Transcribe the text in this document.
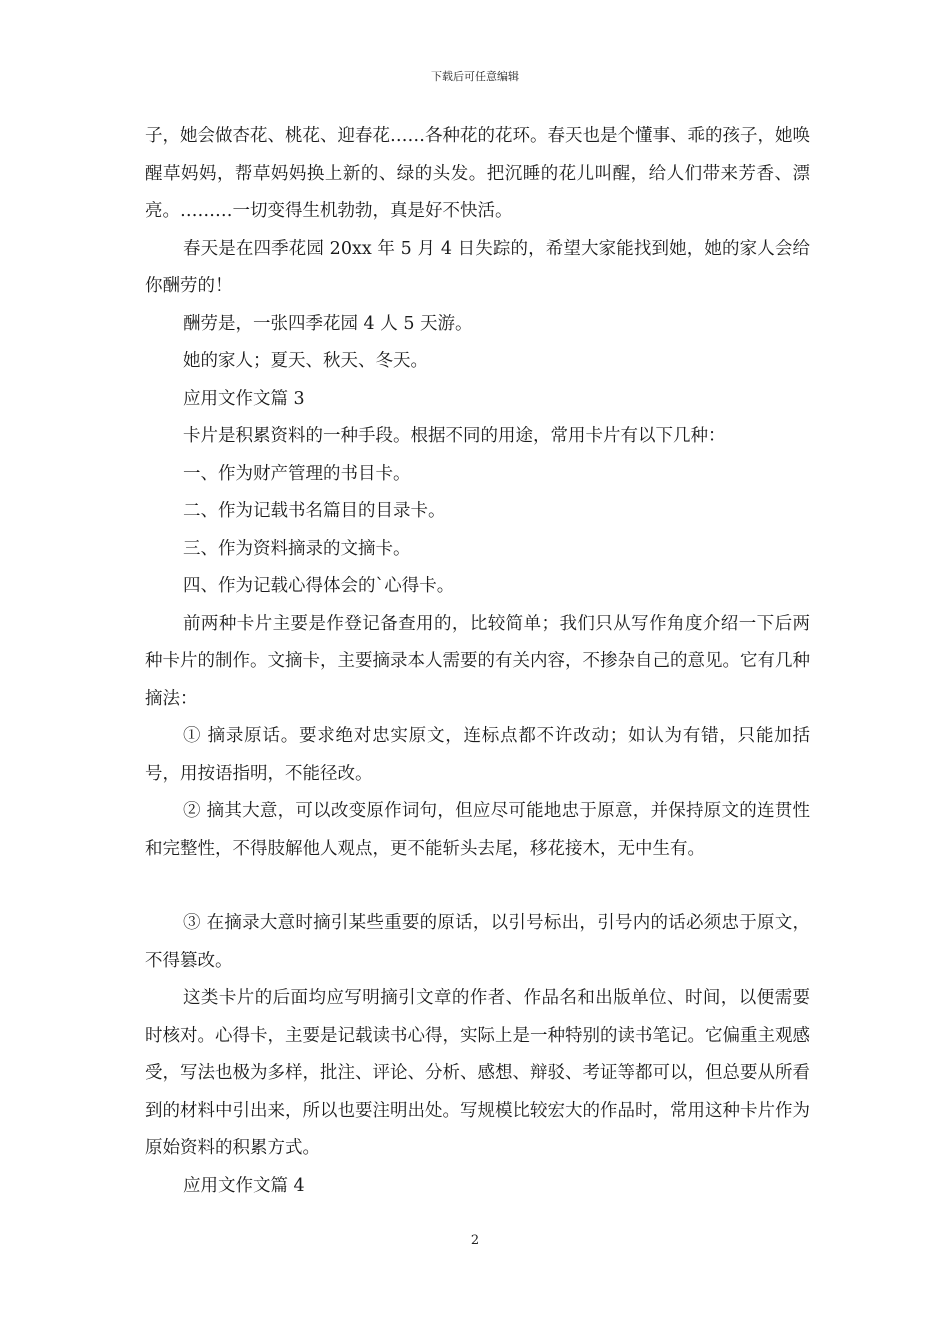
下载后可任意编辑

子，她会做杏花、桃花、迎春花……各种花的花环。春天也是个懂事、乖的孩子，她唤醒草妈妈，帮草妈妈换上新的、绿的头发。把沉睡的花儿叫醒，给人们带来芳香、漂亮。………一切变得生机勃勃，真是好不快活。

春天是在四季花园 20xx 年 5 月 4 日失踪的，希望大家能找到她，她的家人会给你酬劳的！

酬劳是，一张四季花园 4 人 5 天游。

她的家人；夏天、秋天、冬天。

应用文作文篇 3

卡片是积累资料的一种手段。根据不同的用途，常用卡片有以下几种：

一、作为财产管理的书目卡。

二、作为记载书名篇目的目录卡。

三、作为资料摘录的文摘卡。

四、作为记载心得体会的`心得卡。

前两种卡片主要是作登记备查用的，比较简单；我们只从写作角度介绍一下后两种卡片的制作。文摘卡，主要摘录本人需要的有关内容，不掺杂自己的意见。它有几种摘法：

① 摘录原话。要求绝对忠实原文，连标点都不许改动；如认为有错，只能加括号，用按语指明，不能径改。

② 摘其大意，可以改变原作词句，但应尽可能地忠于原意，并保持原文的连贯性和完整性，不得肢解他人观点，更不能斩头去尾，移花接木，无中生有。

③ 在摘录大意时摘引某些重要的原话，以引号标出，引号内的话必须忠于原文，不得篡改。

这类卡片的后面均应写明摘引文章的作者、作品名和出版单位、时间，以便需要时核对。心得卡，主要是记载读书心得，实际上是一种特别的读书笔记。它偏重主观感受，写法也极为多样，批注、评论、分析、感想、辩驳、考证等都可以，但总要从所看到的材料中引出来，所以也要注明出处。写规模比较宏大的作品时，常用这种卡片作为原始资料的积累方式。

应用文作文篇 4

2
